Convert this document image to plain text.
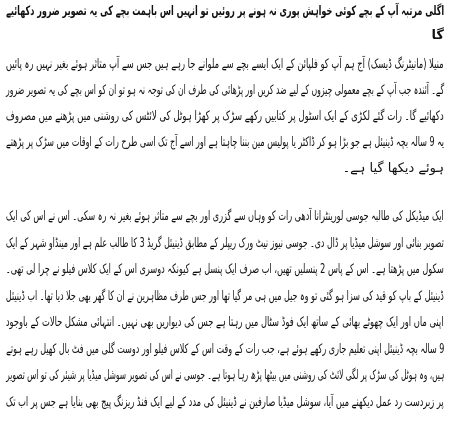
اگلی مرتبہ آپ کے بچے کوئی خواہش پوری نہ ہونے پر روئیں تو انہیں اس باہمت بچے کی یہ تصویر ضرور دکھائیے
گا
منیلا (مانیٹرنگ ڈیسک) آج ہم آپ کو فلپائن کے ایک ایسے بچے سے ملوانے جا رہے ہیں جس سے آپ متاثر ہوئے بغیر نہیں رہ پائیں
گے۔ آئندہ جب آپ کے بچے معمولی چیزوں کے لیے ضد کریں اور پڑھائی کی طرف ان کی توجہ نہ ہو تو ان کو اس بچے کی یہ تصویر ضرور
دکھائیے گا۔ رات گئے لکڑی کے ایک اسٹول پر کتابیں رکھے سڑک پر کھڑا ہوٹل کی لائٹس کی روشنی میں پڑھنے میں مصروف
یہ 9 سالہ بچہ ڈینیئل ہے جو بڑا ہو کر ڈاکٹر یا پولیس مین بننا چاہتا ہے اور اسے آج تک اسی طرح رات کے اوقات میں سڑک پر پڑھتے
ہوئے دیکھا گیا ہے۔
ایک میڈیکل کی طالبہ جوسی لورینٹرانا آدھی رات کو وہاں سے گزری اور بچے سے متاثر ہوئے بغیر نہ رہ سکی۔ اس نے اس کی ایک
تصویر بنائی اور سوشل میڈیا پر ڈال دی۔ جوسی نیوز نیٹ ورک ریپلر کے مطابق ڈینیئل گریڈ 3 کا طالب علم ہے اور مینڈاو شہر کے ایک
سکول میں پڑھتا ہے۔ اس کے پاس 2 پنسلیں تھیں، اب صرف ایک پنسل ہے کیونکہ دوسری اس کے ایک کلاس فیلو نے چرا لی تھی۔
ڈینیئل کے باپ کو قید کی سزا ہو گئی تو وہ جیل میں ہی مر گیا تھا اور جس طرف مظاہرین نے ان کا گھر بھی جلا دیا تھا۔ اب ڈینیئل
اپنی ماں اور ایک چھوٹے بھائی کے ساتھ ایک فوڈ سٹال میں رہتا ہے جس کی دیواریں بھی نہیں۔ انتہائی مشکل حالات کے باوجود
9 سالہ بچہ ڈینیئل اپنی تعلیم جاری رکھے ہوئے ہے، جب رات کے وقت اس کے کلاس فیلو اور دوست گلی میں فٹ بال کھیل رہے ہوتے
ہیں، وہ ہوٹل کی سڑک پر لگی لائٹ کی روشنی میں بیٹھا پڑھ رہا ہوتا ہے۔ جوسی نے اس کی تصویر سوشل میڈیا پر شیئر کی تو اس تصویر
پر زبردست رد عمل دیکھنے میں آیا، سوشل میڈیا صارفین نے ڈینیئل کی مدد کے لیے ایک فنڈ ریزنگ پیج بھی بنایا ہے جس پر اب تک
